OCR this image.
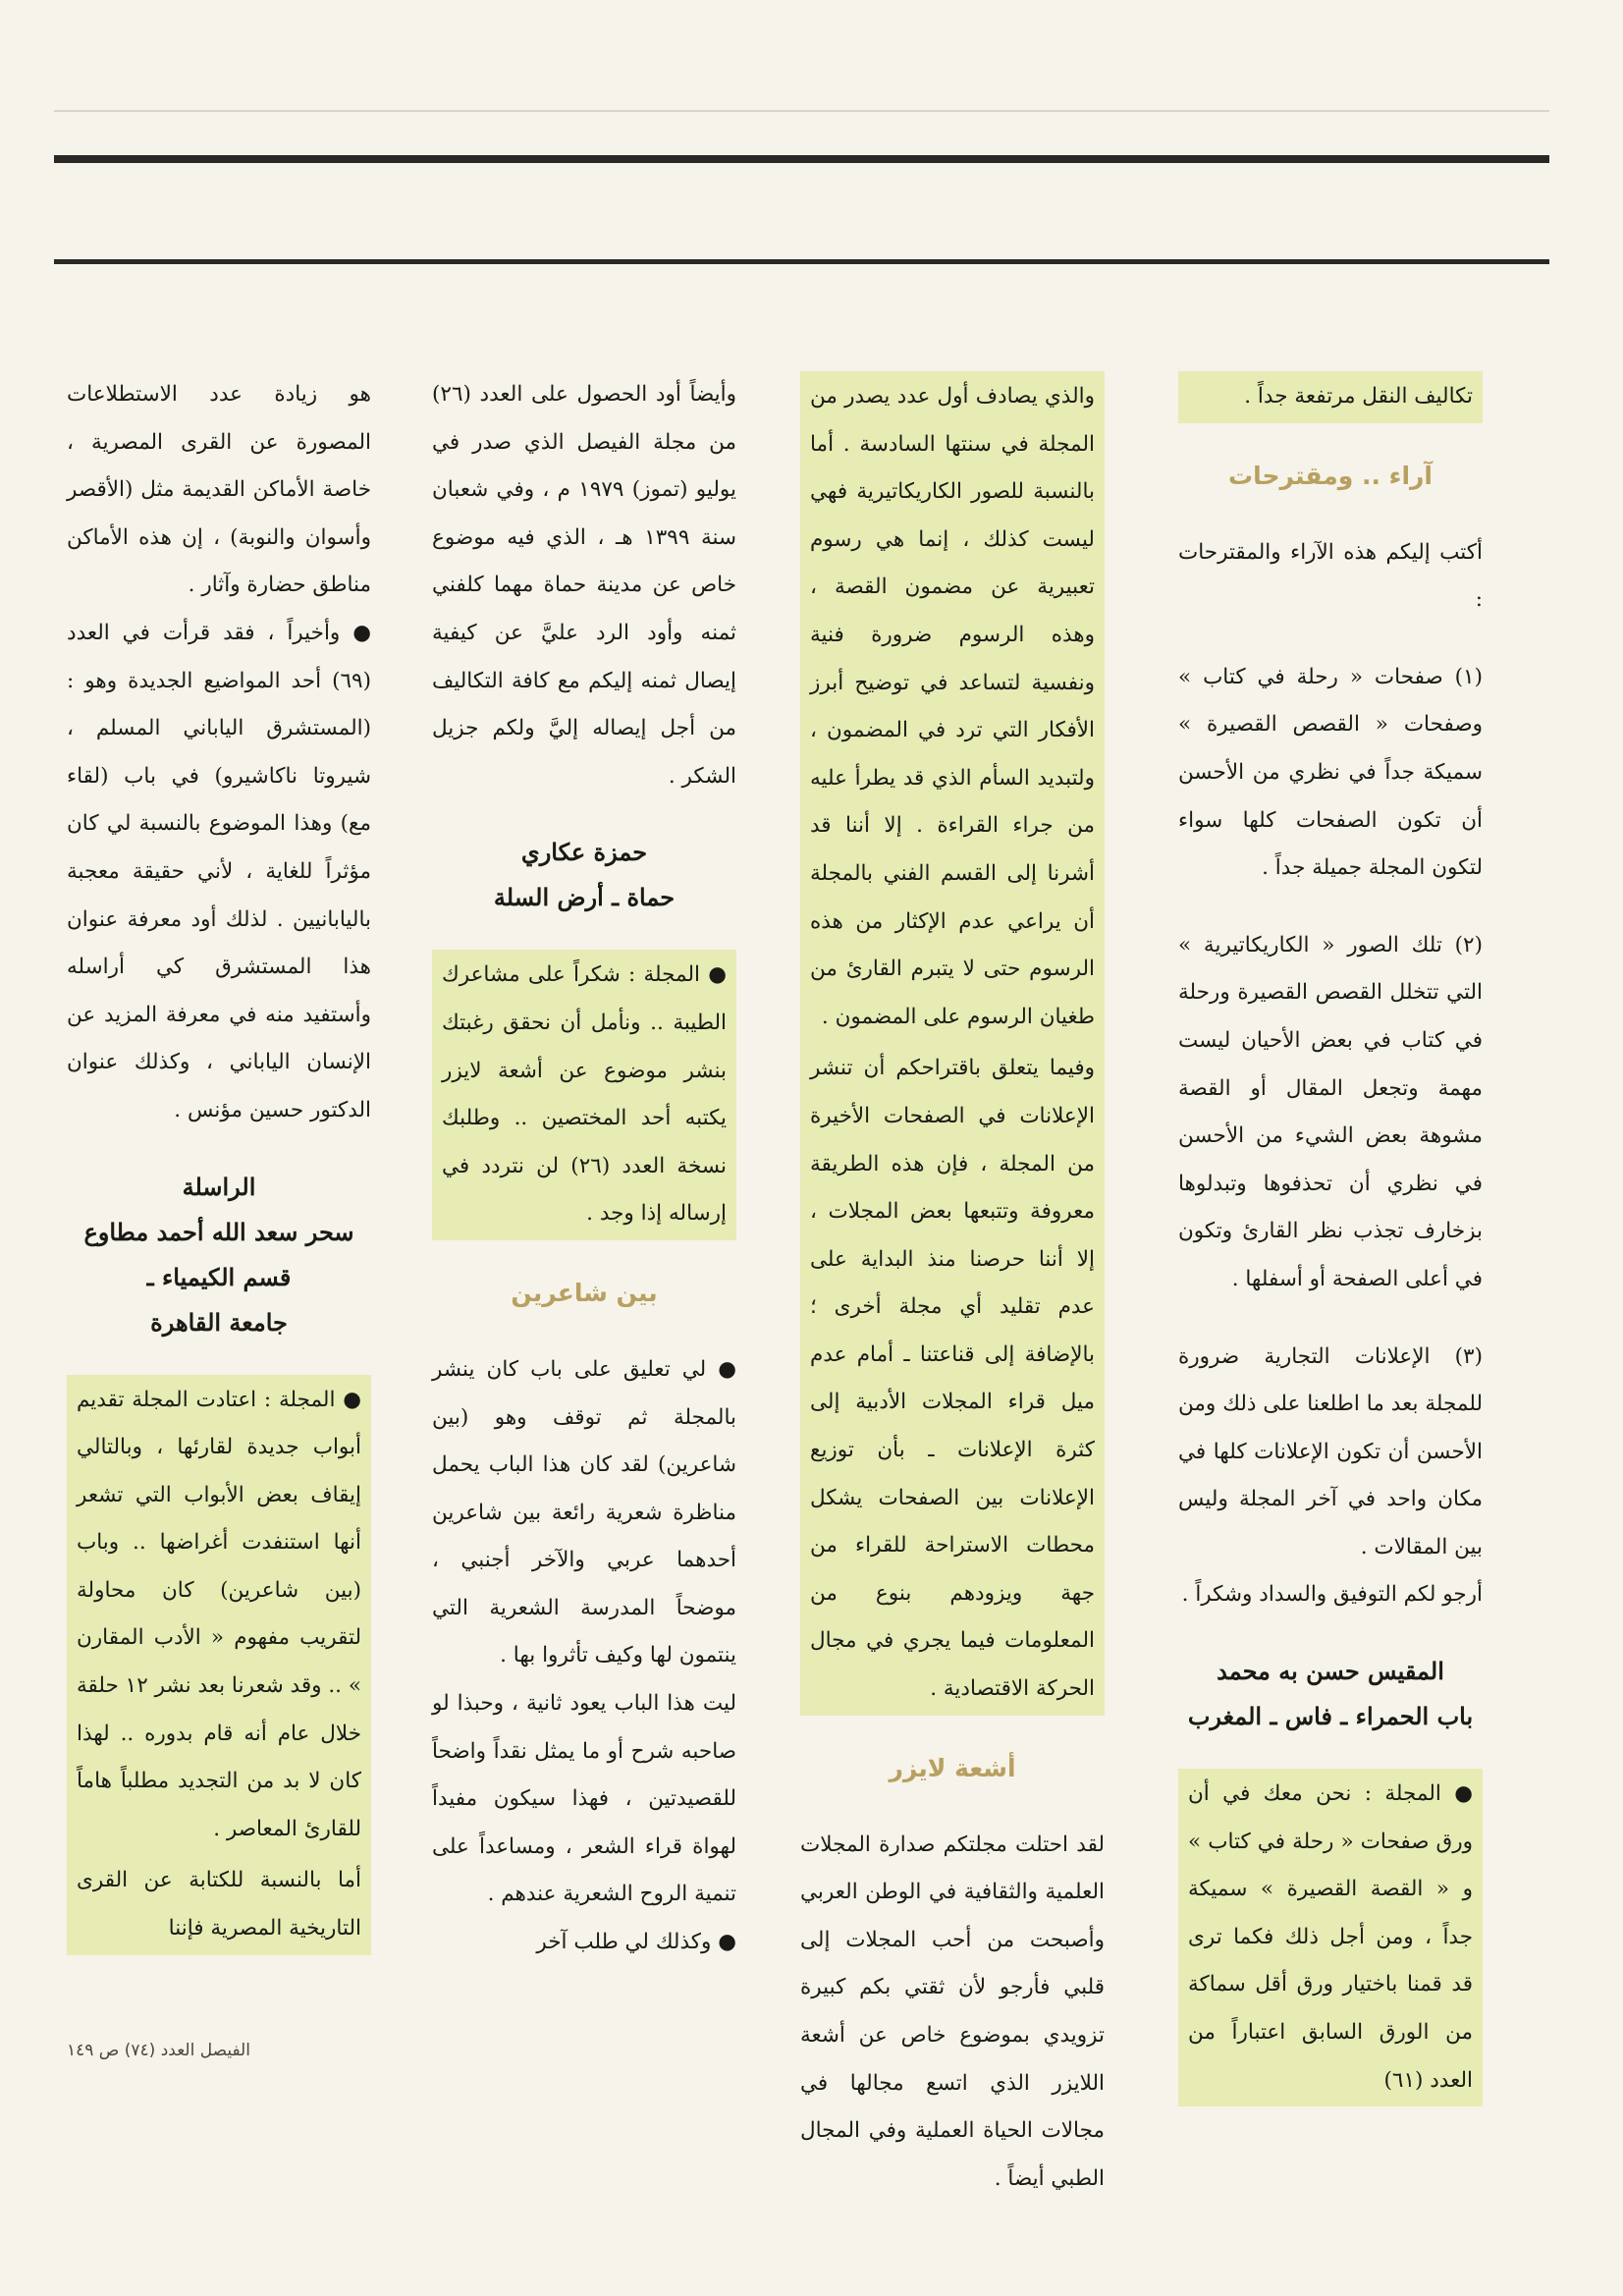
تكاليف النقل مرتفعة جداً .

آراء .. ومقترحات

أكتب إليكم هذه الآراء والمقترحات :

(١) صفحات « رحلة في كتاب » وصفحات « القصص القصيرة » سميكة جداً في نظري من الأحسن أن تكون الصفحات كلها سواء لتكون المجلة جميلة جداً .

(٢) تلك الصور « الكاريكاتيرية » التي تتخلل القصص القصيرة ورحلة في كتاب في بعض الأحيان ليست مهمة وتجعل المقال أو القصة مشوهة بعض الشيء من الأحسن في نظري أن تحذفوها وتبدلوها بزخارف تجذب نظر القارئ وتكون في أعلى الصفحة أو أسفلها .

(٣) الإعلانات التجارية ضرورة للمجلة بعد ما اطلعنا على ذلك ومن الأحسن أن تكون الإعلانات كلها في مكان واحد في آخر المجلة وليس بين المقالات .

أرجو لكم التوفيق والسداد وشكراً .

المقيس حسن به محمد

باب الحمراء ـ فاس ـ المغرب

● المجلة : نحن معك في أن ورق صفحات « رحلة في كتاب » و « القصة القصيرة » سميكة جداً ، ومن أجل ذلك فكما ترى قد قمنا باختيار ورق أقل سماكة من الورق السابق اعتباراً من العدد (٦١)

والذي يصادف أول عدد يصدر من المجلة في سنتها السادسة . أما بالنسبة للصور الكاريكاتيرية فهي ليست كذلك ، إنما هي رسوم تعبيرية عن مضمون القصة ، وهذه الرسوم ضرورة فنية ونفسية لتساعد في توضيح أبرز الأفكار التي ترد في المضمون ، ولتبديد السأم الذي قد يطرأ عليه من جراء القراءة . إلا أننا قد أشرنا إلى القسم الفني بالمجلة أن يراعي عدم الإكثار من هذه الرسوم حتى لا يتبرم القارئ من طغيان الرسوم على المضمون .

وفيما يتعلق باقتراحكم أن تنشر الإعلانات في الصفحات الأخيرة من المجلة ، فإن هذه الطريقة معروفة وتتبعها بعض المجلات ، إلا أننا حرصنا منذ البداية على عدم تقليد أي مجلة أخرى ؛ بالإضافة إلى قناعتنا ـ أمام عدم ميل قراء المجلات الأدبية إلى كثرة الإعلانات ـ بأن توزيع الإعلانات بين الصفحات يشكل محطات الاستراحة للقراء من جهة ويزودهم بنوع من المعلومات فيما يجري في مجال الحركة الاقتصادية .

أشعة لايزر

لقد احتلت مجلتكم صدارة المجلات العلمية والثقافية في الوطن العربي وأصبحت من أحب المجلات إلى قلبي فأرجو لأن ثقتي بكم كبيرة تزويدي بموضوع خاص عن أشعة اللايزر الذي اتسع مجالها في مجالات الحياة العملية وفي المجال الطبي أيضاً .

وأيضاً أود الحصول على العدد (٢٦) من مجلة الفيصل الذي صدر في يوليو (تموز) ١٩٧٩ م ، وفي شعبان سنة ١٣٩٩ هـ ، الذي فيه موضوع خاص عن مدينة حماة مهما كلفني ثمنه وأود الرد عليَّ عن كيفية إيصال ثمنه إليكم مع كافة التكاليف من أجل إيصاله إليَّ ولكم جزيل الشكر .

حمزة عكاري

حماة ـ أرض السلة

● المجلة : شكراً على مشاعرك الطيبة .. ونأمل أن نحقق رغبتك بنشر موضوع عن أشعة لايزر يكتبه أحد المختصين .. وطلبك نسخة العدد (٢٦) لن نتردد في إرساله إذا وجد .

بين شاعرين

● لي تعليق على باب كان ينشر بالمجلة ثم توقف وهو (بين شاعرين) لقد كان هذا الباب يحمل مناظرة شعرية رائعة بين شاعرين أحدهما عربي والآخر أجنبي ، موضحاً المدرسة الشعرية التي ينتمون لها وكيف تأثروا بها .

ليت هذا الباب يعود ثانية ، وحبذا لو صاحبه شرح أو ما يمثل نقداً واضحاً للقصيدتين ، فهذا سيكون مفيداً لهواة قراء الشعر ، ومساعداً على تنمية الروح الشعرية عندهم .

● وكذلك لي طلب آخر

هو زيادة عدد الاستطلاعات المصورة عن القرى المصرية ، خاصة الأماكن القديمة مثل (الأقصر وأسوان والنوبة) ، إن هذه الأماكن مناطق حضارة وآثار .

● وأخيراً ، فقد قرأت في العدد (٦٩) أحد المواضيع الجديدة وهو : (المستشرق الياباني المسلم ، شيروتا ناكاشيرو) في باب (لقاء مع) وهذا الموضوع بالنسبة لي كان مؤثراً للغاية ، لأني حقيقة معجبة باليابانيين . لذلك أود معرفة عنوان هذا المستشرق كي أراسله وأستفيد منه في معرفة المزيد عن الإنسان الياباني ، وكذلك عنوان الدكتور حسين مؤنس .

الراسلة

سحر سعد الله أحمد مطاوع

قسم الكيمياء ـ

جامعة القاهرة

● المجلة : اعتادت المجلة تقديم أبواب جديدة لقارئها ، وبالتالي إيقاف بعض الأبواب التي تشعر أنها استنفدت أغراضها .. وباب (بين شاعرين) كان محاولة لتقريب مفهوم « الأدب المقارن » .. وقد شعرنا بعد نشر ١٢ حلقة خلال عام أنه قام بدوره .. لهذا كان لا بد من التجديد مطلباً هاماً للقارئ المعاصر .

أما بالنسبة للكتابة عن القرى التاريخية المصرية فإننا

الفيصل العدد (٧٤) ص ١٤٩
